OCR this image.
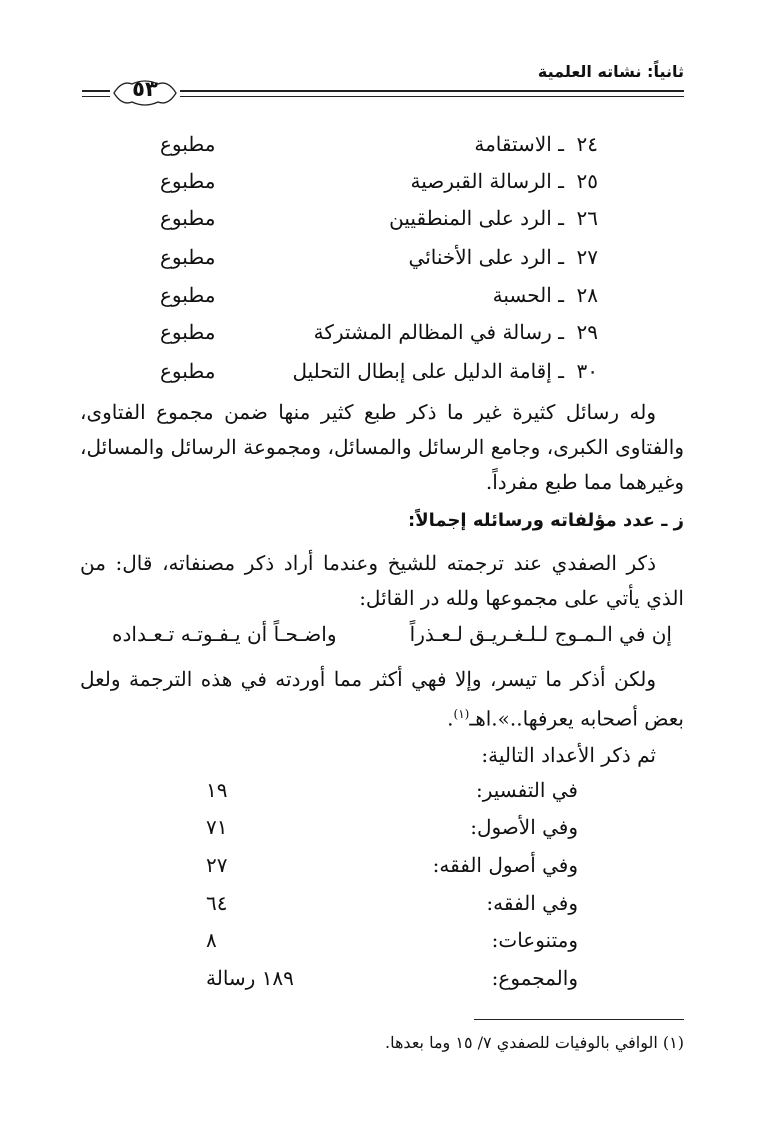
ثانياً: نشاته العلمية
٥٣
٢٤
ـ الاستقامة
مطبوع
٢٥
ـ الرسالة القبرصية
مطبوع
٢٦
ـ الرد على المنطقيين
مطبوع
٢٧
ـ الرد على الأخنائي
مطبوع
٢٨
ـ الحسبة
مطبوع
٢٩
ـ رسالة في المظالم المشتركة
مطبوع
٣٠
ـ إقامة الدليل على إبطال التحليل
مطبوع
وله رسائل كثيرة غير ما ذكر طبع كثير منها ضمن مجموع الفتاوى، والفتاوى الكبرى، وجامع الرسائل والمسائل، ومجموعة الرسائل والمسائل، وغيرهما مما طبع مفرداً.
ز ـ عدد مؤلفاته ورسائله إجمالاً:
ذكر الصفدي عند ترجمته للشيخ وعندما أراد ذكر مصنفاته، قال: من الذي يأتي على مجموعها ولله در القائل:
إن في الـمـوج لـلـغـريـق لـعـذراً
واضـحـاً أن يـفـوتـه تـعـداده
ولكن أذكر ما تيسر، وإلا فهي أكثر مما أوردته في هذه الترجمة ولعل بعض أصحابه يعرفها..».اهـ$^{(١)}$.
ثم ذكر الأعداد التالية:
في التفسير:
١٩
وفي الأصول:
٧١
وفي أصول الفقه:
٢٧
وفي الفقه:
٦٤
ومتنوعات:
٨
والمجموع:
١٨٩ رسالة
(١) الوافي بالوفيات للصفدي ٧/ ١٥ وما بعدها.
